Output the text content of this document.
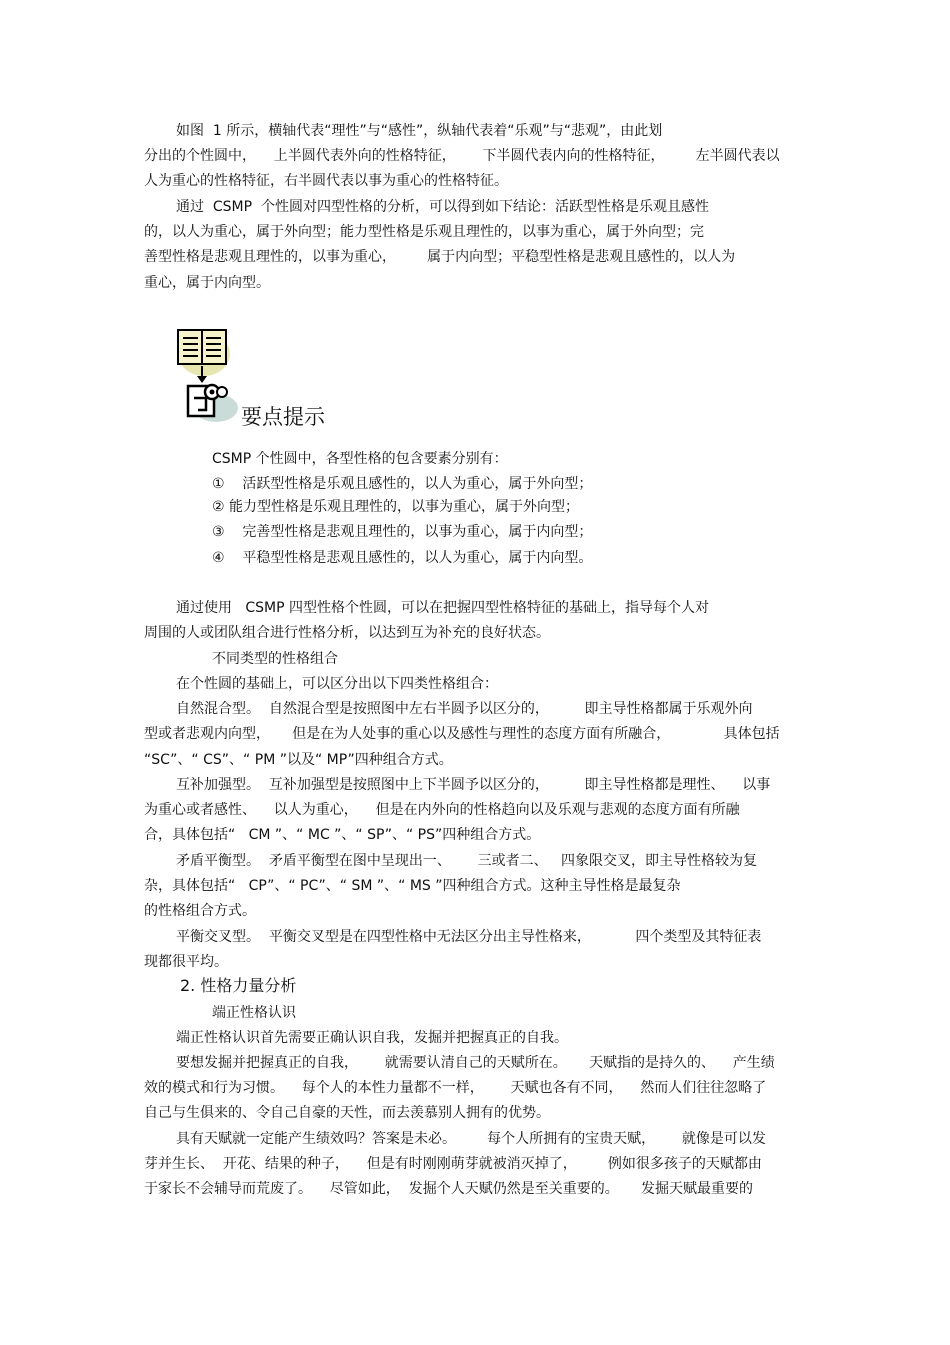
如图  1 所示，横轴代表“理性”与“感性”，纵轴代表着“乐观”与“悲观”，由此划
分出的个性圆中，    上半圆代表外向的性格特征，      下半圆代表内向的性格特征，       左半圆代表以
人为重心的性格特征，右半圆代表以事为重心的性格特征。
通过  CSMP  个性圆对四型性格的分析，可以得到如下结论：活跃型性格是乐观且感性
的，以人为重心，属于外向型；能力型性格是乐观且理性的，以事为重心，属于外向型；完
善型性格是悲观且理性的，以事为重心，       属于内向型；平稳型性格是悲观且感性的，以人为
重心，属于内向型。
要点提示
CSMP 个性圆中，各型性格的包含要素分别有：
①    活跃型性格是乐观且感性的，以人为重心，属于外向型；
② 能力型性格是乐观且理性的，以事为重心，属于外向型；
③    完善型性格是悲观且理性的，以事为重心，属于内向型；
④    平稳型性格是悲观且感性的，以人为重心，属于内向型。
通过使用   CSMP 四型性格个性圆，可以在把握四型性格特征的基础上，指导每个人对
周围的人或团队组合进行性格分析，以达到互为补充的良好状态。
不同类型的性格组合
在个性圆的基础上，可以区分出以下四类性格组合：
自然混合型。  自然混合型是按照图中左右半圆予以区分的，        即主导性格都属于乐观外向
型或者悲观内向型，     但是在为人处事的重心以及感性与理性的态度方面有所融合，            具体包括
“SC”、“ CS”、“ PM ”以及“ MP”四种组合方式。
互补加强型。  互补加强型是按照图中上下半圆予以区分的，        即主导性格都是理性、    以事
为重心或者感性、    以人为重心，    但是在内外向的性格趋向以及乐观与悲观的态度方面有所融
合，具体包括“   CM ”、“ MC ”、“ SP”、“ PS”四种组合方式。
矛盾平衡型。  矛盾平衡型在图中呈现出一、      三或者二、   四象限交叉，即主导性格较为复
杂，具体包括“   CP”、“ PC”、“ SM ”、“ MS ”四种组合方式。这种主导性格是最复杂
的性格组合方式。
平衡交叉型。  平衡交叉型是在四型性格中无法区分出主导性格来，          四个类型及其特征表
现都很平均。
2. 性格力量分析
端正性格认识
端正性格认识首先需要正确认识自我，发掘并把握真正的自我。
要想发掘并把握真正的自我，      就需要认清自己的天赋所在。     天赋指的是持久的、    产生绩
效的模式和行为习惯。    每个人的本性力量都不一样，      天赋也各有不同，    然而人们往往忽略了
自己与生俱来的、令自己自豪的天性，而去羡慕别人拥有的优势。
具有天赋就一定能产生绩效吗？答案是未必。       每个人所拥有的宝贵天赋，      就像是可以发
芽并生长、  开花、结果的种子，    但是有时刚刚萌芽就被消灭掉了，       例如很多孩子的天赋都由
于家长不会辅导而荒废了。    尽管如此，  发掘个人天赋仍然是至关重要的。     发掘天赋最重要的
